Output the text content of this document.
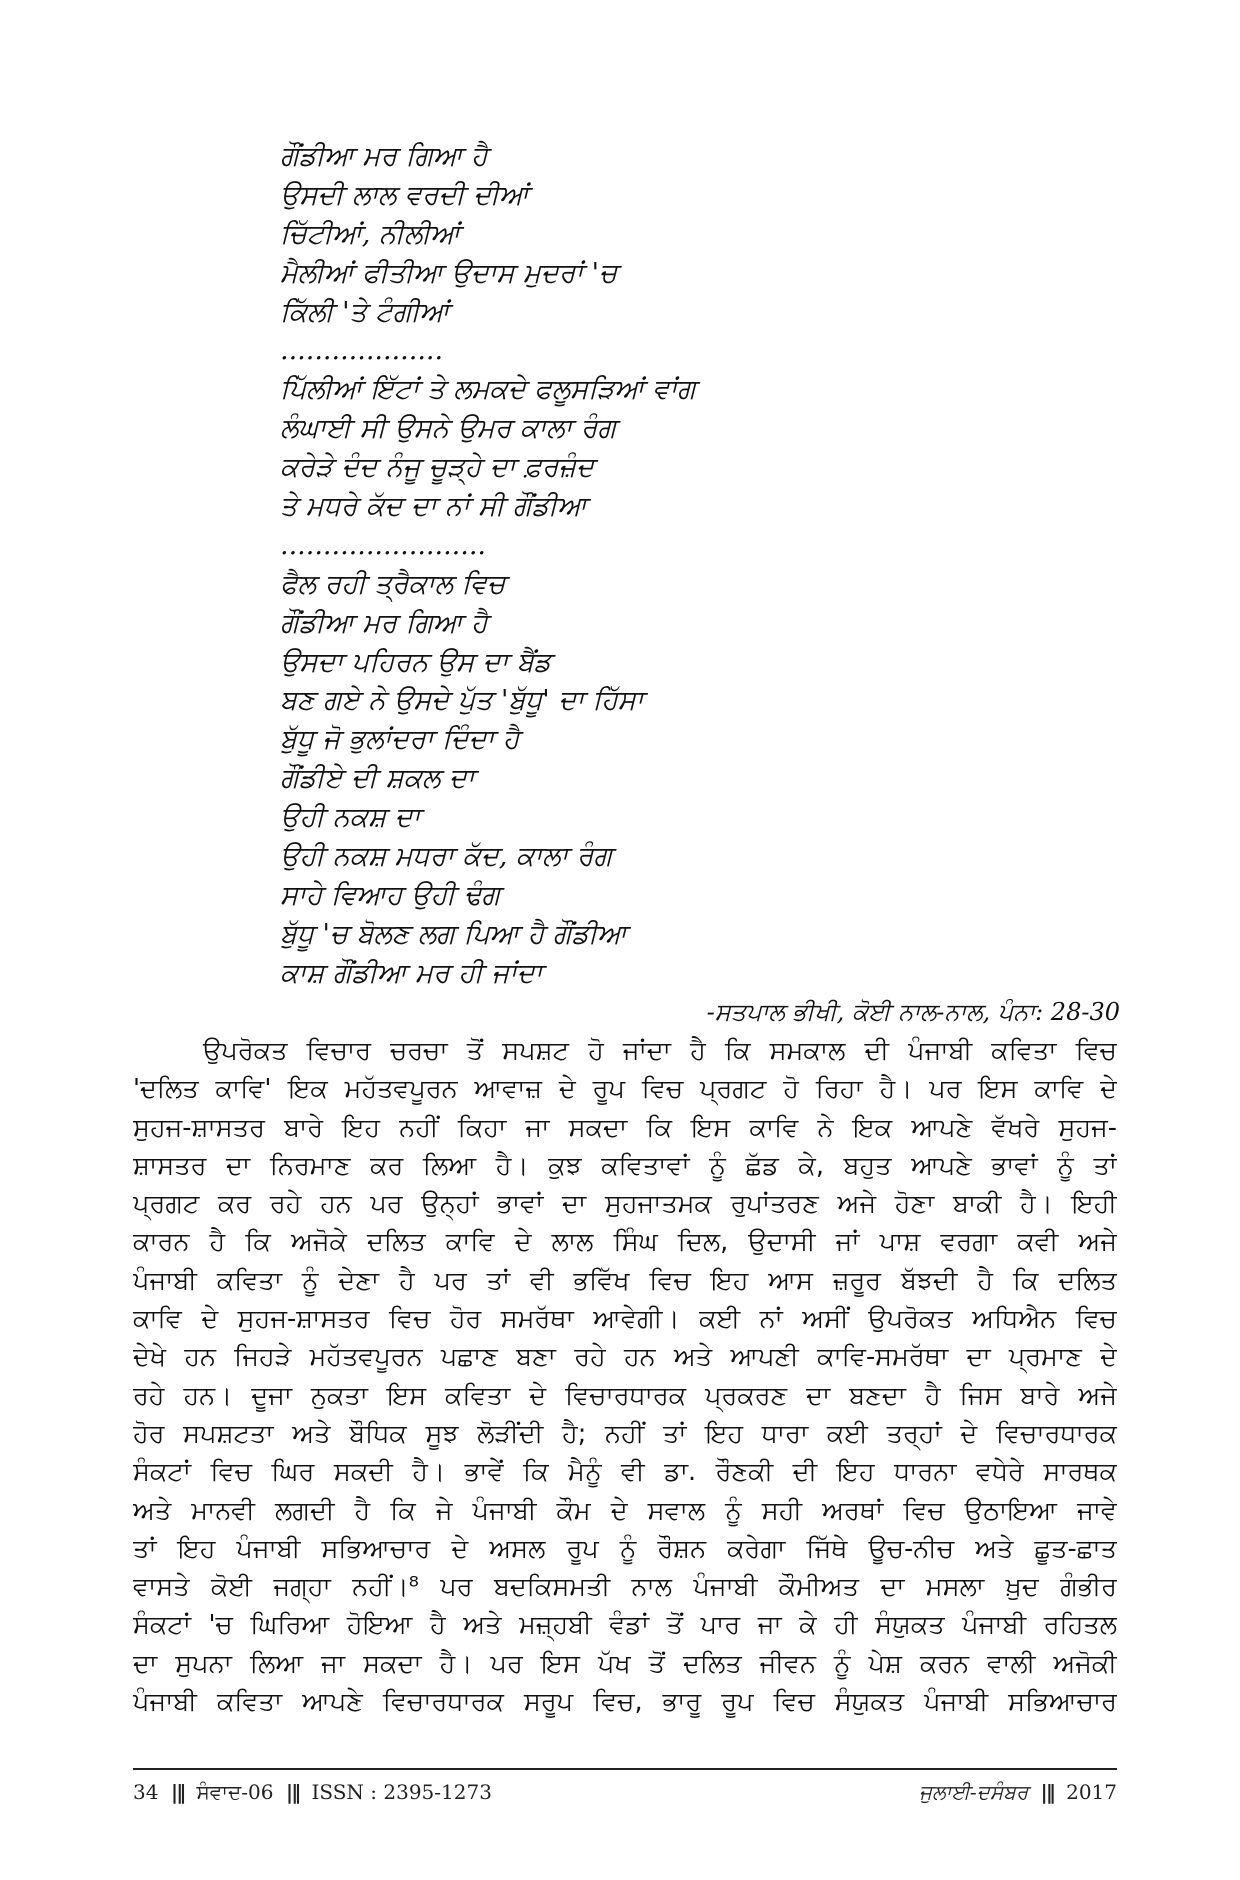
ਗੌਂਡੀਆ ਮਰ ਗਿਆ ਹੈ
ਉਸਦੀ ਲਾਲ ਵਰਦੀ ਦੀਆਂ
ਚਿੱਟੀਆਂ, ਨੀਲੀਆਂ
ਮੈਲੀਆਂ ਫੀਤੀਆ ਉਦਾਸ ਮੁਦਰਾਂ 'ਚ
ਕਿੱਲੀ 'ਤੇ ਟੰਗੀਆਂ
...................
ਪਿੱਲੀਆਂ ਇੱਟਾਂ ਤੇ ਲਮਕਦੇ ਫਲੂਸੜਿਆਂ ਵਾਂਗ
ਲੰਘਾਈ ਸੀ ਉਸਨੇ ਉਮਰ ਕਾਲਾ ਰੰਗ
ਕਰੇੜੇ ਦੰਦ ਨੰਜੂ ਚੂੜ੍ਹੇ ਦਾ ਫ਼ਰਜ਼ੰਦ
ਤੇ ਮਧਰੇ ਕੱਦ ਦਾ ਨਾਂ ਸੀ ਗੌਂਡੀਆ
........................
ਫੈਲ ਰਹੀ ਤ੍ਰੈਕਾਲ ਵਿਚ
ਗੌਂਡੀਆ ਮਰ ਗਿਆ ਹੈ
ਉਸਦਾ ਪਹਿਰਨ ਉਸ ਦਾ ਬੈਂਡ
ਬਣ ਗਏ ਨੇ ਉਸਦੇ ਪੁੱਤ 'ਬੁੱਧੂ' ਦਾ ਹਿੱਸਾ
ਬੁੱਧੂ ਜੋ ਭੁਲਾਂਦਰਾ ਦਿੰਦਾ ਹੈ
ਗੌਂਡੀਏ ਦੀ ਸ਼ਕਲ ਦਾ
ਉਹੀ ਨਕਸ਼ ਦਾ
ਉਹੀ ਨਕਸ਼ ਮਧਰਾ ਕੱਦ, ਕਾਲਾ ਰੰਗ
ਸਾਹੇ ਵਿਆਹ ਉਹੀ ਢੰਗ
ਬੁੱਧੂ 'ਚ ਬੋਲਣ ਲਗ ਪਿਆ ਹੈ ਗੌਂਡੀਆ
ਕਾਸ਼ ਗੌਂਡੀਆ ਮਰ ਹੀ ਜਾਂਦਾ
-ਸਤਪਾਲ ਭੀਖੀ, ਕੋਈ ਨਾਲ-ਨਾਲ, ਪੰਨਾ: 28-30
ਉਪਰੋਕਤ ਵਿਚਾਰ ਚਰਚਾ ਤੋਂ ਸਪਸ਼ਟ ਹੋ ਜਾਂਦਾ ਹੈ ਕਿ ਸਮਕਾਲ ਦੀ ਪੰਜਾਬੀ ਕਵਿਤਾ ਵਿਚ
'ਦਲਿਤ ਕਾਵਿ' ਇਕ ਮਹੱਤਵਪੂਰਨ ਆਵਾਜ਼ ਦੇ ਰੂਪ ਵਿਚ ਪ੍ਰਗਟ ਹੋ ਰਿਹਾ ਹੈ। ਪਰ ਇਸ ਕਾਵਿ ਦੇ
ਸੁਹਜ-ਸ਼ਾਸਤਰ ਬਾਰੇ ਇਹ ਨਹੀਂ ਕਿਹਾ ਜਾ ਸਕਦਾ ਕਿ ਇਸ ਕਾਵਿ ਨੇ ਇਕ ਆਪਣੇ ਵੱਖਰੇ ਸੁਹਜ-
ਸ਼ਾਸਤਰ ਦਾ ਨਿਰਮਾਣ ਕਰ ਲਿਆ ਹੈ। ਕੁਝ ਕਵਿਤਾਵਾਂ ਨੂੰ ਛੱਡ ਕੇ, ਬਹੁਤ ਆਪਣੇ ਭਾਵਾਂ ਨੂੰ ਤਾਂ
ਪ੍ਰਗਟ ਕਰ ਰਹੇ ਹਨ ਪਰ ਉਨ੍ਹਾਂ ਭਾਵਾਂ ਦਾ ਸੁਹਜਾਤਮਕ ਰੁਪਾਂਤਰਣ ਅਜੇ ਹੋਣਾ ਬਾਕੀ ਹੈ। ਇਹੀ
ਕਾਰਨ ਹੈ ਕਿ ਅਜੋਕੇ ਦਲਿਤ ਕਾਵਿ ਦੇ ਲਾਲ ਸਿੰਘ ਦਿਲ, ਉਦਾਸੀ ਜਾਂ ਪਾਸ਼ ਵਰਗਾ ਕਵੀ ਅਜੇ
ਪੰਜਾਬੀ ਕਵਿਤਾ ਨੂੰ ਦੇਣਾ ਹੈ ਪਰ ਤਾਂ ਵੀ ਭਵਿੱਖ ਵਿਚ ਇਹ ਆਸ ਜ਼ਰੂਰ ਬੱਝਦੀ ਹੈ ਕਿ ਦਲਿਤ
ਕਾਵਿ ਦੇ ਸੁਹਜ-ਸ਼ਾਸਤਰ ਵਿਚ ਹੋਰ ਸਮਰੱਥਾ ਆਵੇਗੀ। ਕਈ ਨਾਂ ਅਸੀਂ ਉਪਰੋਕਤ ਅਧਿਐਨ ਵਿਚ
ਦੇਖੇ ਹਨ ਜਿਹੜੇ ਮਹੱਤਵਪੂਰਨ ਪਛਾਣ ਬਣਾ ਰਹੇ ਹਨ ਅਤੇ ਆਪਣੀ ਕਾਵਿ-ਸਮਰੱਥਾ ਦਾ ਪ੍ਰਮਾਣ ਦੇ
ਰਹੇ ਹਨ। ਦੂਜਾ ਨੁਕਤਾ ਇਸ ਕਵਿਤਾ ਦੇ ਵਿਚਾਰਧਾਰਕ ਪ੍ਰਕਰਣ ਦਾ ਬਣਦਾ ਹੈ ਜਿਸ ਬਾਰੇ ਅਜੇ
ਹੋਰ ਸਪਸ਼ਟਤਾ ਅਤੇ ਬੌਧਿਕ ਸੂਝ ਲੋੜੀਂਦੀ ਹੈ; ਨਹੀਂ ਤਾਂ ਇਹ ਧਾਰਾ ਕਈ ਤਰ੍ਹਾਂ ਦੇ ਵਿਚਾਰਧਾਰਕ
ਸੰਕਟਾਂ ਵਿਚ ਘਿਰ ਸਕਦੀ ਹੈ। ਭਾਵੇਂ ਕਿ ਮੈਨੂੰ ਵੀ ਡਾ. ਰੌਣਕੀ ਦੀ ਇਹ ਧਾਰਨਾ ਵਧੇਰੇ ਸਾਰਥਕ
ਅਤੇ ਮਾਨਵੀ ਲਗਦੀ ਹੈ ਕਿ ਜੇ ਪੰਜਾਬੀ ਕੌਮ ਦੇ ਸਵਾਲ ਨੂੰ ਸਹੀ ਅਰਥਾਂ ਵਿਚ ਉਠਾਇਆ ਜਾਵੇ
ਤਾਂ ਇਹ ਪੰਜਾਬੀ ਸਭਿਆਚਾਰ ਦੇ ਅਸਲ ਰੂਪ ਨੂੰ ਰੌਸ਼ਨ ਕਰੇਗਾ ਜਿੱਥੇ ਊਚ-ਨੀਚ ਅਤੇ ਛੂਤ-ਛਾਤ
ਵਾਸਤੇ ਕੋਈ ਜਗ੍ਹਾ ਨਹੀਂ।⁸ ਪਰ ਬਦਕਿਸਮਤੀ ਨਾਲ ਪੰਜਾਬੀ ਕੌਮੀਅਤ ਦਾ ਮਸਲਾ ਖ਼ੁਦ ਗੰਭੀਰ
ਸੰਕਟਾਂ 'ਚ ਘਿਰਿਆ ਹੋਇਆ ਹੈ ਅਤੇ ਮਜ਼੍ਹਬੀ ਵੰਡਾਂ ਤੋਂ ਪਾਰ ਜਾ ਕੇ ਹੀ ਸੰਯੁਕਤ ਪੰਜਾਬੀ ਰਹਿਤਲ
ਦਾ ਸੁਪਨਾ ਲਿਆ ਜਾ ਸਕਦਾ ਹੈ। ਪਰ ਇਸ ਪੱਖ ਤੋਂ ਦਲਿਤ ਜੀਵਨ ਨੂੰ ਪੇਸ਼ ਕਰਨ ਵਾਲੀ ਅਜੋਕੀ
ਪੰਜਾਬੀ ਕਵਿਤਾ ਆਪਣੇ ਵਿਚਾਰਧਾਰਕ ਸਰੂਪ ਵਿਚ, ਭਾਰੂ ਰੂਪ ਵਿਚ ਸੰਯੁਕਤ ਪੰਜਾਬੀ ਸਭਿਆਚਾਰ
34 |‖ ਸੰਵਾਦ-06 |‖ ISSN : 2395-1273	ਜੁਲਾਈ-ਦਸੰਬਰ |‖ 2017
